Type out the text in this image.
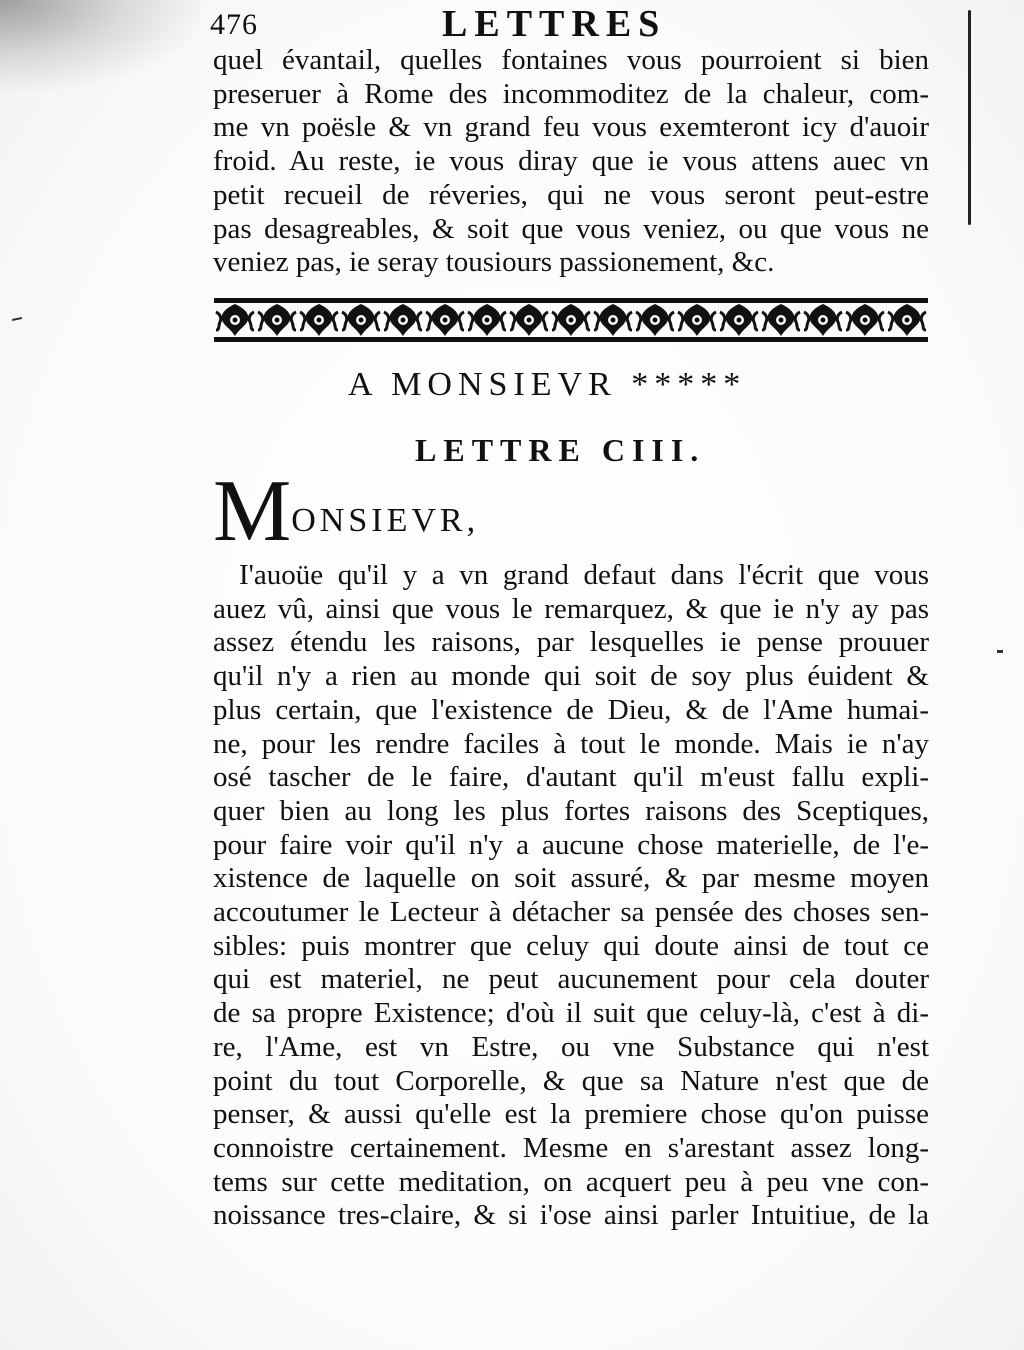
476	LETTRES
quel évantail, quelles fontaines vous pourroient si bien
preseruer à Rome des incommoditez de la chaleur, com-
me vn poësle & vn grand feu vous exemteront icy d'auoir
froid. Au reste, ie vous diray que ie vous attens auec vn
petit recueil de réveries, qui ne vous seront peut-estre
pas desagreables, & soit que vous veniez, ou que vous ne
veniez pas, ie seray tousiours passionement, &c.
A MONSIEVR *****
LETTRE CIII.
MONSIEVR,
I'auoüe qu'il y a vn grand defaut dans l'écrit que vous
auez vû, ainsi que vous le remarquez, & que ie n'y ay pas
assez étendu les raisons, par lesquelles ie pense prouuer
qu'il n'y a rien au monde qui soit de soy plus éuident &
plus certain, que l'existence de Dieu, & de l'Ame humai-
ne, pour les rendre faciles à tout le monde. Mais ie n'ay
osé tascher de le faire, d'autant qu'il m'eust fallu expli-
quer bien au long les plus fortes raisons des Sceptiques,
pour faire voir qu'il n'y a aucune chose materielle, de l'e-
xistence de laquelle on soit assuré, & par mesme moyen
accoutumer le Lecteur à détacher sa pensée des choses sen-
sibles: puis montrer que celuy qui doute ainsi de tout ce
qui est materiel, ne peut aucunement pour cela douter
de sa propre Existence; d'où il suit que celuy-là, c'est à di-
re, l'Ame, est vn Estre, ou vne Substance qui n'est
point du tout Corporelle, & que sa Nature n'est que de
penser, & aussi qu'elle est la premiere chose qu'on puisse
connoistre certainement. Mesme en s'arestant assez long-
tems sur cette meditation, on acquert peu à peu vne con-
noissance tres-claire, & si i'ose ainsi parler Intuitiue, de la
